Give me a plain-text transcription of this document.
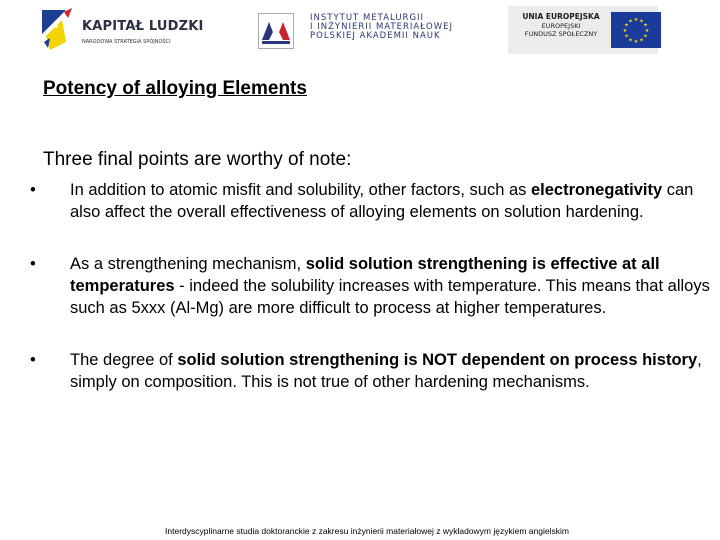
KAPITAŁ LUDZKI
NARODOWA STRATEGIA SPÓJNOŚCI
INSTYTUT METALURGII
I INŻYNIERII MATERIAŁOWEJ
POLSKIEJ AKADEMII NAUK
UNIA EUROPEJSKA
EUROPEJSKI
FUNDUSZ SPOŁECZNY
★ ★
★
★
★
★
★
★
★
★
★
★
Potency of alloying Elements

Three final points are worthy of note:

• In addition to atomic misfit and solubility, other factors, such as electronegativity can also affect the overall effectiveness of alloying elements on solution hardening.
• As a strengthening mechanism, solid solution strengthening is effective at all temperatures - indeed the solubility increases with temperature. This means that alloys such as 5xxx (Al-Mg) are more difficult to process at higher temperatures.
• The degree of solid solution strengthening is NOT dependent on process history, simply on composition. This is not true of other hardening mechanisms.
Interdyscyplinarne studia doktoranckie z zakresu inżynierii materiałowej z wykładowym językiem angielskim
